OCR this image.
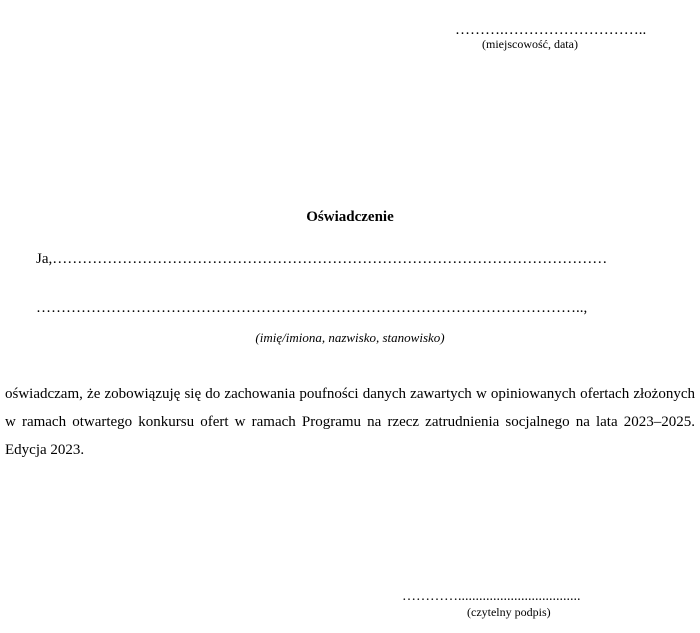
……….………………………..
(miejscowość, data)
Oświadczenie
Ja,…………………………………………………………………………………………………
………………………………………………………………………………………………..,
(imię/imiona, nazwisko, stanowisko)
oświadczam, że zobowiązuję się do zachowania poufności danych zawartych w opiniowanych ofertach złożonych w ramach otwartego konkursu ofert w ramach Programu na rzecz zatrudnienia socjalnego na lata 2023–2025. Edycja 2023.
…………...................................
(czytelny podpis)
